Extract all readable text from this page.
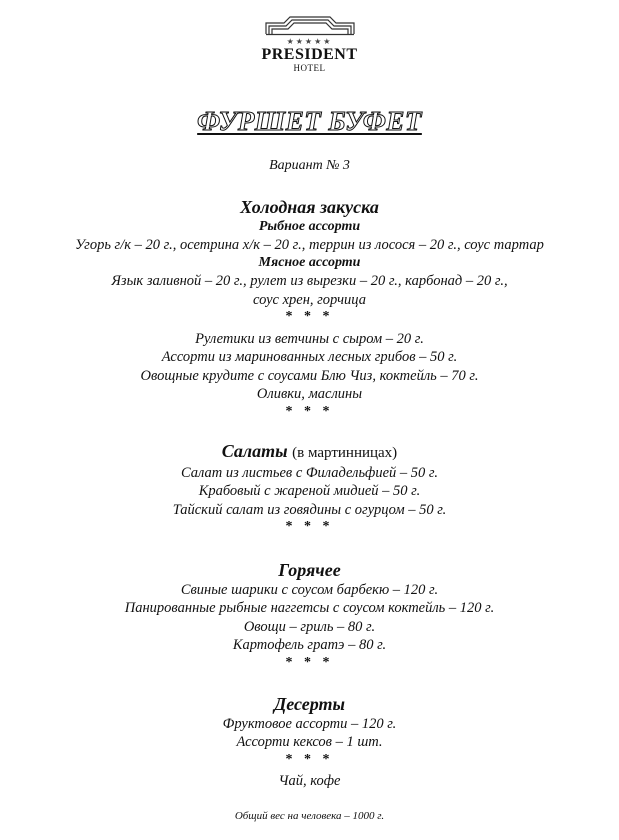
★★★★★
PRESIDENT
HOTEL
ФУРШЕТ БУФЕТ
Вариант № 3
Холодная закуска
Рыбное ассорти
Угорь г/к – 20 г., осетрина х/к – 20 г., террин из лосося – 20 г., соус тартар
Мясное ассорти
Язык заливной – 20 г., рулет из вырезки – 20 г., карбонад – 20 г.,
соус хрен, горчица
* * *
Рулетики из ветчины с сыром – 20 г.
Ассорти из маринованных лесных грибов – 50 г.
Овощные крудите с соусами Блю Чиз, коктейль – 70 г.
Оливки, маслины
* * *
Салаты (в мартинницах)
Салат из листьев с Филадельфией – 50 г.
Крабовый с жареной мидией – 50 г.
Тайский салат из говядины с огурцом – 50 г.
* * *
Горячее
Свиные шарики с соусом барбекю – 120 г.
Панированные рыбные наггетсы с соусом коктейль – 120 г.
Овощи – гриль – 80 г.
Картофель гратэ – 80 г.
* * *
Десерты
Фруктовое ассорти – 120 г.
Ассорти кексов – 1 шт.
* * *
Чай, кофе
Общий вес на человека – 1000 г.
